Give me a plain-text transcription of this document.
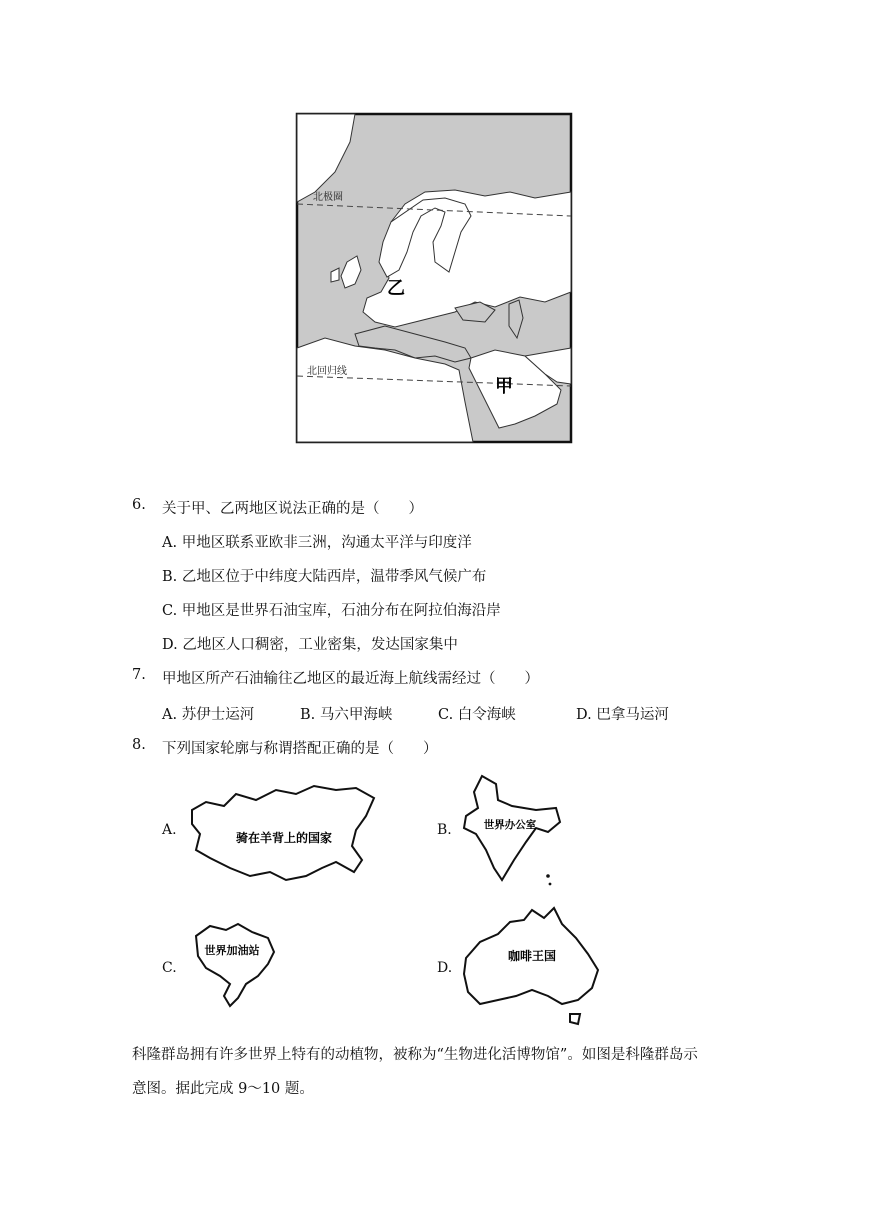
北极圈
北回归线
乙
甲
6. 关于甲、乙两地区说法正确的是（　　）
A. 甲地区联系亚欧非三洲，沟通太平洋与印度洋
B. 乙地区位于中纬度大陆西岸，温带季风气候广布
C. 甲地区是世界石油宝库，石油分布在阿拉伯海沿岸
D. 乙地区人口稠密，工业密集，发达国家集中
7. 甲地区所产石油输往乙地区的最近海上航线需经过（　　）
A. 苏伊士运河	B. 马六甲海峡	C. 白令海峡	D. 巴拿马运河
8. 下列国家轮廓与称谓搭配正确的是（　　）
A.	骑在羊背上的国家	B.	世界办公室
C.
世界加油站
D.
咖啡王国
科隆群岛拥有许多世界上特有的动植物，被称为“生物进化活博物馆”。如图是科隆群岛示
意图。据此完成 9～10 题。
